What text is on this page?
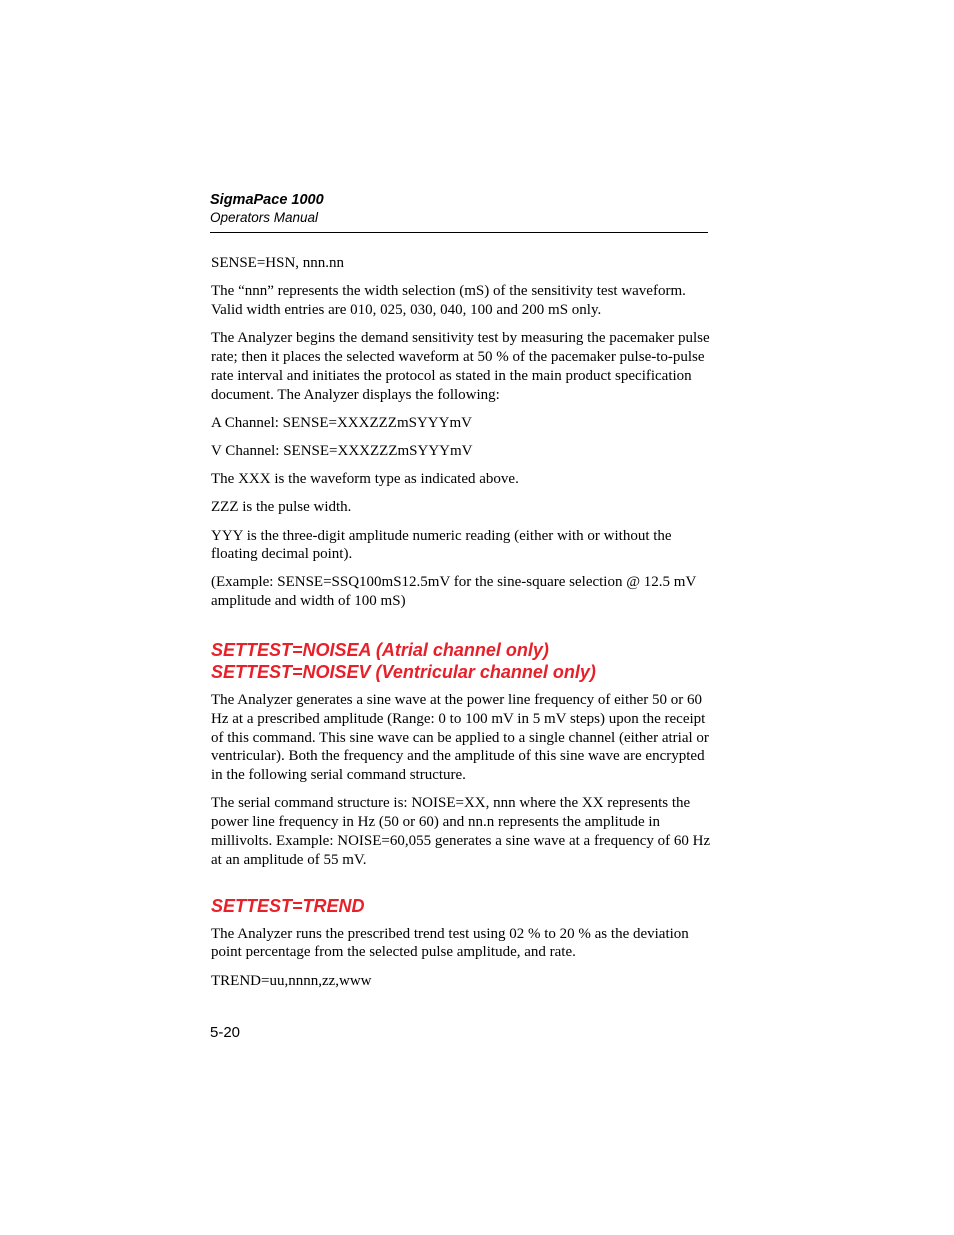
SigmaPace 1000
Operators Manual

SENSE=HSN, nnn.nn

The “nnn” represents the width selection (mS) of the sensitivity test waveform. Valid width entries are 010, 025, 030, 040, 100 and 200 mS only.

The Analyzer begins the demand sensitivity test by measuring the pacemaker pulse rate; then it places the selected waveform at 50 % of the pacemaker pulse-to-pulse rate interval and initiates the protocol as stated in the main product specification document. The Analyzer displays the following:

A Channel: SENSE=XXXZZZmSYYYmV

V Channel: SENSE=XXXZZZmSYYYmV

The XXX is the waveform type as indicated above.

ZZZ is the pulse width.

YYY is the three-digit amplitude numeric reading (either with or without the floating decimal point).

(Example: SENSE=SSQ100mS12.5mV for the sine-square selection @ 12.5 mV amplitude and width of 100 mS)

SETTEST=NOISEA (Atrial channel only)
SETTEST=NOISEV (Ventricular channel only)

The Analyzer generates a sine wave at the power line frequency of either 50 or 60 Hz at a prescribed amplitude (Range: 0 to 100 mV in 5 mV steps) upon the receipt of this command. This sine wave can be applied to a single channel (either atrial or ventricular). Both the frequency and the amplitude of this sine wave are encrypted in the following serial command structure.

The serial command structure is: NOISE=XX, nnn where the XX represents the power line frequency in Hz (50 or 60) and nn.n represents the amplitude in millivolts. Example: NOISE=60,055 generates a sine wave at a frequency of 60 Hz at an amplitude of 55 mV.

SETTEST=TREND

The Analyzer runs the prescribed trend test using 02 % to 20 % as the deviation point percentage from the selected pulse amplitude, and rate.

TREND=uu,nnnn,zz,www

5-20
